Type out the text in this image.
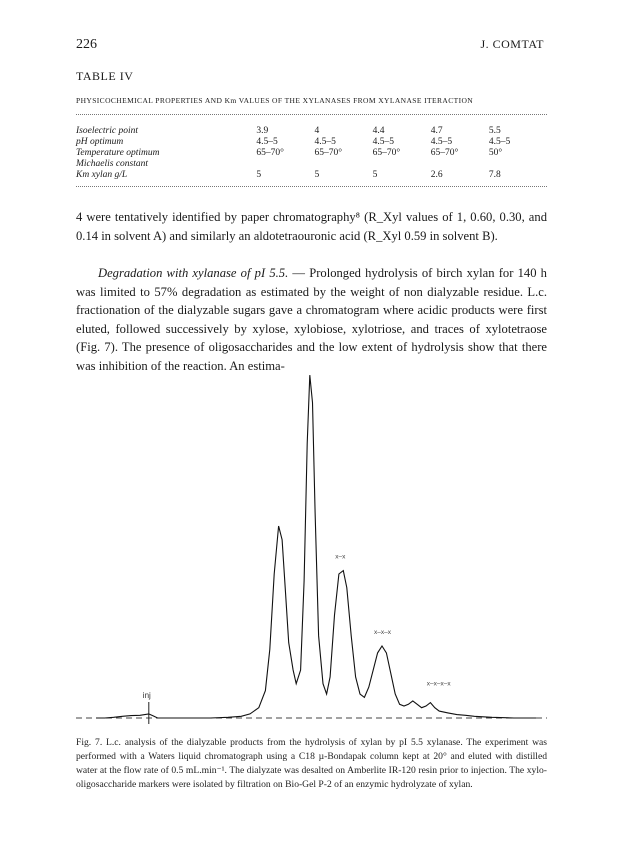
226	J. COMTAT
TABLE IV
PHYSICOCHEMICAL PROPERTIES AND Km VALUES OF THE XYLANASES FROM XYLANASE ITERACTION
Isoelectric point	3.9	4	4.4	4.7	5.5
pH optimum	4.5–5	4.5–5	4.5–5	4.5–5	4.5–5
Temperature optimum	65–70°	65–70°	65–70°	65–70°	50°
Michaelis constant					
Km xylan g/L	5	5	5	2.6	7.8

4 were tentatively identified by paper chromatography⁸ (R_Xyl values of 1, 0.60, 0.30, and 0.14 in solvent A) and similarly an aldotetraouronic acid (R_Xyl 0.59 in solvent B).

Degradation with xylanase of pI 5.5. — Prolonged hydrolysis of birch xylan for 140 h was limited to 57% degradation as estimated by the weight of non dialyzable residue. L.c. fractionation of the dialyzable sugars gave a chromatogram where acidic products were first eluted, followed successively by xylose, xylobiose, xylotriose, and traces of xylotetraose (Fig. 7). The presence of oligosaccharides and the low extent of hydrolysis show that there was inhibition of the reaction. An estima-

inj
x–x
x–x–x
x–x–x–x

Fig. 7. L.c. analysis of the dialyzable products from the hydrolysis of xylan by pI 5.5 xylanase. The experiment was performed with a Waters liquid chromatograph using a C18 µ-Bondapak column kept at 20° and eluted with distilled water at the flow rate of 0.5 mL.min⁻¹. The dialyzate was desalted on Amberlite IR-120 resin prior to injection. The xylo-oligosaccharide markers were isolated by filtration on Bio-Gel P-2 of an enzymic hydrolyzate of xylan.
